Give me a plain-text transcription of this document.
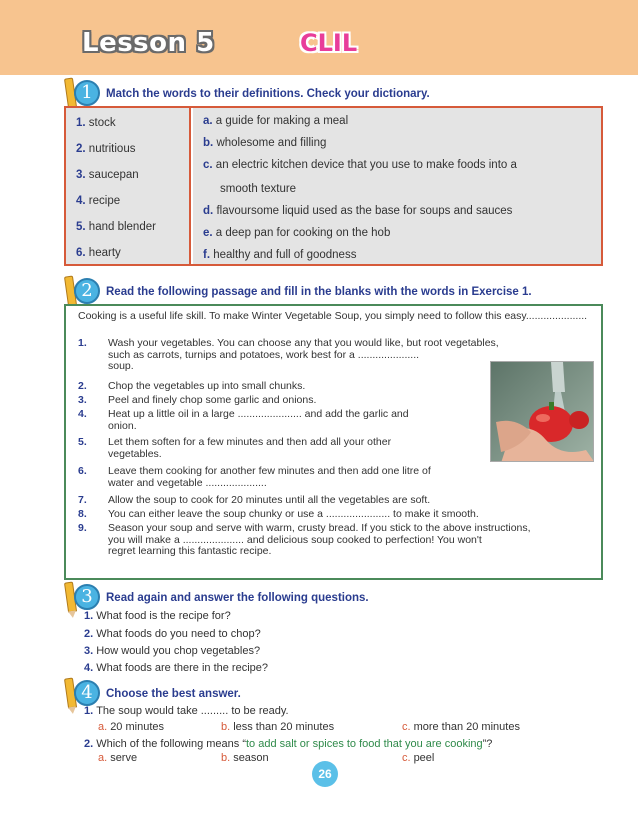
Lesson 5	CLIL
1	Match the words to their definitions. Check your dictionary.
1. stock
2. nutritious
3. saucepan
4. recipe
5. hand blender
6. hearty
a. a guide for making a meal
b. wholesome and filling
c. an electric kitchen device that you use to make foods into a
smooth texture
d. flavoursome liquid used as the base for soups and sauces
e. a deep pan for cooking on the hob
f. healthy and full of goodness
2	Read the following passage and fill in the blanks with the words in Exercise 1.
Cooking is a useful life skill. To make Winter Vegetable Soup, you simply need to follow this easy.....................
1. Wash your vegetables. You can choose any that you would like, but root vegetables,
such as carrots, turnips and potatoes, work best for a .....................
soup.
2. Chop the vegetables up into small chunks.
3. Peel and finely chop some garlic and onions.
4. Heat up a little oil in a large ...................... and add the garlic and
onion.
5. Let them soften for a few minutes and then add all your other
vegetables.
6. Leave them cooking for another few minutes and then add one litre of
water and vegetable .....................
7. Allow the soup to cook for 20 minutes until all the vegetables are soft.
8. You can either leave the soup chunky or use a ...................... to make it smooth.
9. Season your soup and serve with warm, crusty bread. If you stick to the above instructions,
you will make a ..................... and delicious soup cooked to perfection! You won't
regret learning this fantastic recipe.
3	Read again and answer the following questions.
1. What food is the recipe for?
2. What foods do you need to chop?
3. How would you chop vegetables?
4. What foods are there in the recipe?
4	Choose the best answer.
1. The soup would take ......... to be ready.
a. 20 minutes	b. less than 20 minutes	c. more than 20 minutes
2. Which of the following means “to add salt or spices to food that you are cooking”?
a. serve	b. season	c. peel
26
